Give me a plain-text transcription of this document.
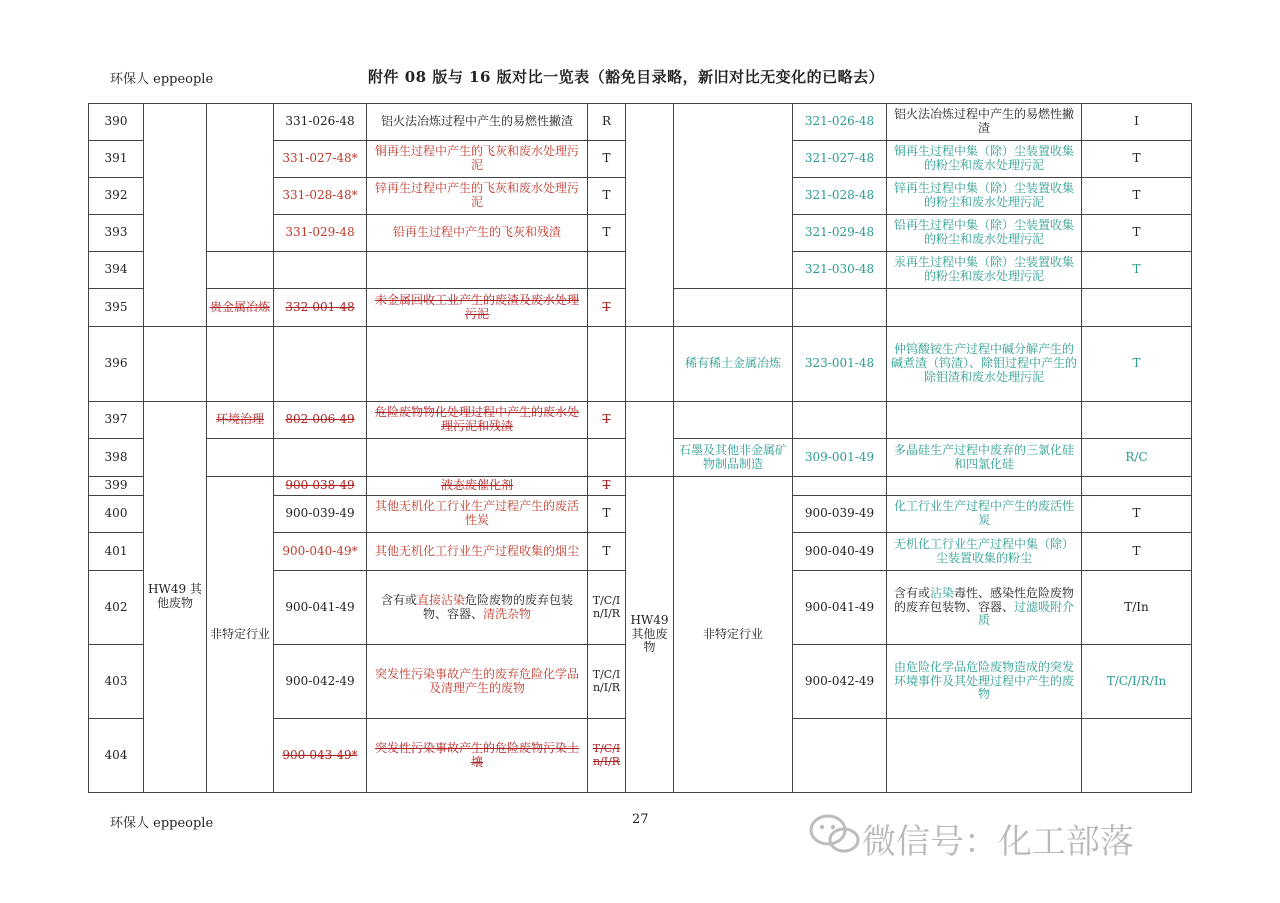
环保人 eppeople	附件 08 版与 16 版对比一览表（豁免目录略，新旧对比无变化的已略去）
390			331-026-48	铝火法冶炼过程中产生的易燃性撇渣	R			321-026-48	铝火法冶炼过程中产生的易燃性撇渣	I
391			331-027-48*	铜再生过程中产生的飞灰和废水处理污泥	T			321-027-48	铜再生过程中集（除）尘装置收集的粉尘和废水处理污泥	T
392			331-028-48*	锌再生过程中产生的飞灰和废水处理污泥	T			321-028-48	锌再生过程中集（除）尘装置收集的粉尘和废水处理污泥	T
393			331-029-48	铅再生过程中产生的飞灰和残渣	T			321-029-48	铅再生过程中集（除）尘装置收集的粉尘和废水处理污泥	T
394								321-030-48	汞再生过程中集（除）尘装置收集的粉尘和废水处理污泥	T
395		贵金属冶炼	332-001-48	未金属回收工业产生的废渣及废水处理污泥	T					
396							稀有稀土金属冶炼	323-001-48	仲钨酸铵生产过程中碱分解产生的碱煮渣（钨渣）、除钼过程中产生的除钼渣和废水处理污泥	T
397	HW49 其他废物	环境治理	802-006-49	危险废物物化处理过程中产生的废水处理污泥和残渣	T					
398							石墨及其他非金属矿物制品制造	309-001-49	多晶硅生产过程中废弃的三氯化硅和四氯化硅	R/C
399		非特定行业	900-038-49	液态废催化剂	T	HW49 其他废物	非特定行业			
400			900-039-49	其他无机化工行业生产过程产生的废活性炭	T			900-039-49	化工行业生产过程中产生的废活性炭	T
401			900-040-49*	其他无机化工行业生产过程收集的烟尘	T			900-040-49	无机化工行业生产过程中集（除）尘装置收集的粉尘	T
402			900-041-49	含有或直接沾染危险废物的废弃包装物、容器、清洗杂物	T/C/In/I/R			900-041-49	含有或沾染毒性、感染性危险废物的废弃包装物、容器、过滤吸附介质	T/In
403			900-042-49	突发性污染事故产生的废弃危险化学品及清理产生的废物	T/C/In/I/R			900-042-49	由危险化学品危险废物造成的突发环境事件及其处理过程中产生的废物	T/C/I/R/In
404			900-043-49*	突发性污染事故产生的危险废物污染土壤	T/C/In/I/R					
环保人 eppeople	27
微信号：化工部落
